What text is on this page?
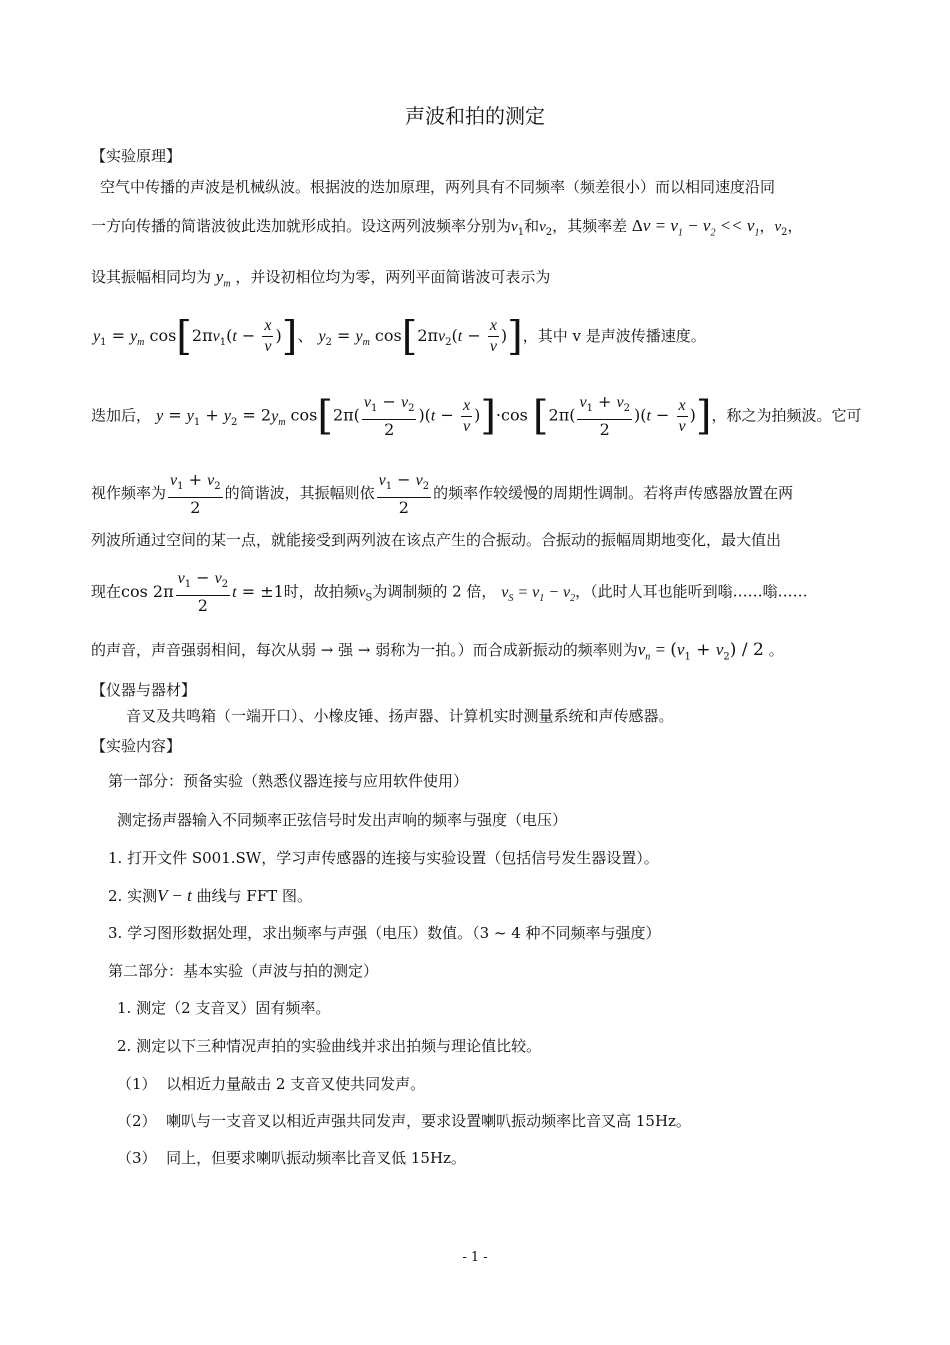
声波和拍的测定
【实验原理】
空气中传播的声波是机械纵波。根据波的迭加原理，两列具有不同频率（频差很小）而以相同速度沿同
一方向传播的简谐波彼此迭加就形成拍。设这两列波频率分别为$v_1$和$v_2$，其频率差 $\Delta v = v_1 - v_2 << v_1$，$v_2$，
设其振幅相同均为 $y_m$ ，并设初相位均为零，两列平面简谐波可表示为
$y_1 = y_m$ $\cos[2\pi v_1(t - \frac{x}{v}$ )]、 $y_2 = y_m$ $\cos[2\pi v_2(t - \frac{x}{v}$ )]，其中 v 是声波传播速度。
迭加后， $y = y_1 + y_2 = 2y_m$ $\cos[2\pi( \frac{v_1 - v_2}{2} )(t - \frac{x}{v} )]\cdot\cos$ [$2\pi( \frac{v_1 + v_2}{2} )(t - \frac{x}{v}$ )]，称之为拍频波。它可
视作频率为 $\frac{v_1 + v_2}{2}$ 的简谐波，其振幅则依 $\frac{v_1 - v_2}{2}$ 的频率作较缓慢的周期性调制。若将声传感器放置在两
列波所通过空间的某一点，就能接受到两列波在该点产生的合振动。合振动的振幅周期地变化，最大值出
现在$\cos 2\pi \frac{v_1 - v_2}{2}$ t = ±1时，故拍频$v_S$为调制频的 2 倍， $v_S = v_1 - v_2$，（此时人耳也能听到嗡……嗡……
的声音，声音强弱相间，每次从弱 → 强 → 弱称为一拍。）而合成新振动的频率则为$v_n = (v_1 + v_2) / 2$ 。
【仪器与器材】
音叉及共鸣箱（一端开口）、小橡皮锤、扬声器、计算机实时测量系统和声传感器。
【实验内容】
第一部分：预备实验（熟悉仪器连接与应用软件使用）
测定扬声器输入不同频率正弦信号时发出声响的频率与强度（电压）
1. 打开文件 S001.SW，学习声传感器的连接与实验设置（包括信号发生器设置）。
2. 实测V − t 曲线与 FFT 图。
3. 学习图形数据处理，求出频率与声强（电压）数值。（3 ~ 4 种不同频率与强度）
第二部分：基本实验（声波与拍的测定）
1. 测定（2 支音叉）固有频率。
2. 测定以下三种情况声拍的实验曲线并求出拍频与理论值比较。
（1） 以相近力量敲击 2 支音叉使共同发声。
（2） 喇叭与一支音叉以相近声强共同发声，要求设置喇叭振动频率比音叉高 15Hz。
（3） 同上，但要求喇叭振动频率比音叉低 15Hz。
- 1 -
